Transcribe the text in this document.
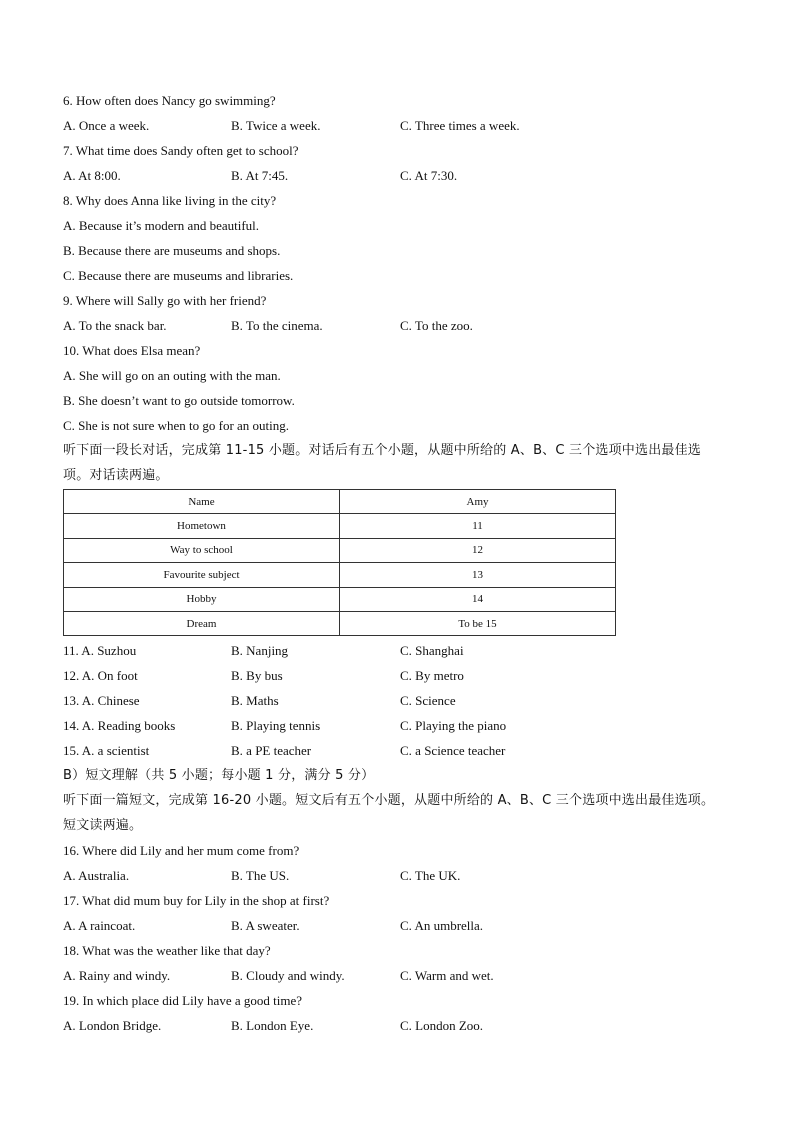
6. How often does Nancy go swimming?
A. Once a week.	B. Twice a week.	C. Three times a week.
7. What time does Sandy often get to school?
A. At 8:00.	B. At 7:45.	C. At 7:30.
8. Why does Anna like living in the city?
A. Because it’s modern and beautiful.
B. Because there are museums and shops.
C. Because there are museums and libraries.
9. Where will Sally go with her friend?
A. To the snack bar.	B. To the cinema.	C. To the zoo.
10. What does Elsa mean?
A. She will go on an outing with the man.
B. She doesn’t want to go outside tomorrow.
C. She is not sure when to go for an outing.
听下面一段长对话，完成第 11-15 小题。对话后有五个小题，从题中所给的 A、B、C 三个选项中选出最佳选
项。对话读两遍。
Name	Amy
Hometown	11
Way to school	12
Favourite subject	13
Hobby	14
Dream	To be 15
11. A. Suzhou	B. Nanjing	C. Shanghai
12. A. On foot	B. By bus	C. By metro
13. A. Chinese	B. Maths	C. Science
14. A. Reading books	B. Playing tennis	C. Playing the piano
15. A. a scientist	B. a PE teacher	C. a Science teacher
B）短文理解（共 5 小题；每小题 1 分，满分 5 分）
听下面一篇短文，完成第 16-20 小题。短文后有五个小题，从题中所给的 A、B、C 三个选项中选出最佳选项。
短文读两遍。
16. Where did Lily and her mum come from?
A. Australia.	B. The US.	C. The UK.
17. What did mum buy for Lily in the shop at first?
A. A raincoat.	B. A sweater.	C. An umbrella.
18. What was the weather like that day?
A. Rainy and windy.	B. Cloudy and windy.	C. Warm and wet.
19. In which place did Lily have a good time?
A. London Bridge.	B. London Eye.	C. London Zoo.
